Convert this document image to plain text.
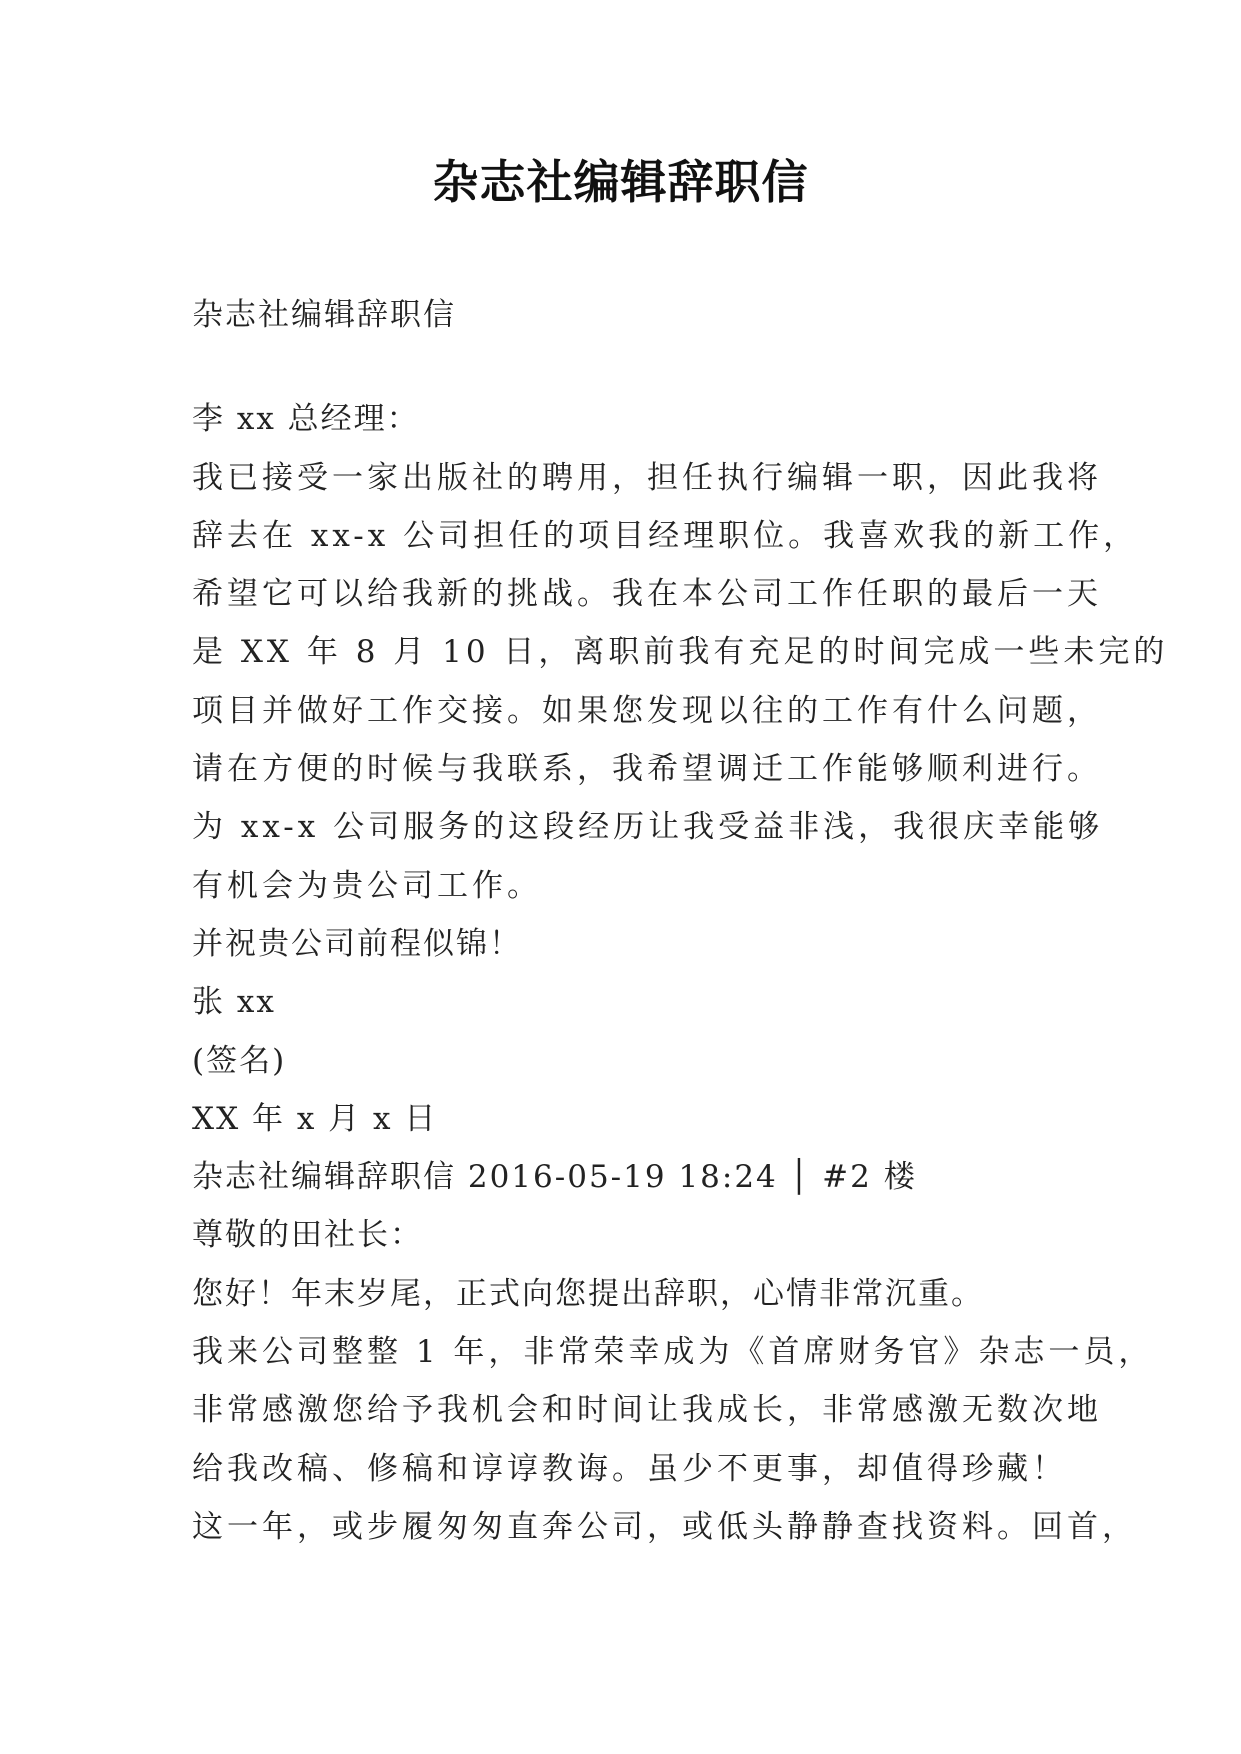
杂志社编辑辞职信

杂志社编辑辞职信

李 xx 总经理：

我已接受一家出版社的聘用，担任执行编辑一职，因此我将

辞去在 xx-x 公司担任的项目经理职位。我喜欢我的新工作，

希望它可以给我新的挑战。我在本公司工作任职的最后一天

是 XX 年 8 月 10 日，离职前我有充足的时间完成一些未完的

项目并做好工作交接。如果您发现以往的工作有什么问题，

请在方便的时候与我联系，我希望调迁工作能够顺利进行。

为 xx-x 公司服务的这段经历让我受益非浅，我很庆幸能够

有机会为贵公司工作。

并祝贵公司前程似锦！

张 xx

(签名)

XX 年 x 月 x 日

杂志社编辑辞职信 2016-05-19 18:24 │ #2 楼

尊敬的田社长：

您好！年末岁尾，正式向您提出辞职，心情非常沉重。

我来公司整整 1 年，非常荣幸成为《首席财务官》杂志一员，

非常感激您给予我机会和时间让我成长，非常感激无数次地

给我改稿、修稿和谆谆教诲。虽少不更事，却值得珍藏！

这一年，或步履匆匆直奔公司，或低头静静查找资料。回首，
